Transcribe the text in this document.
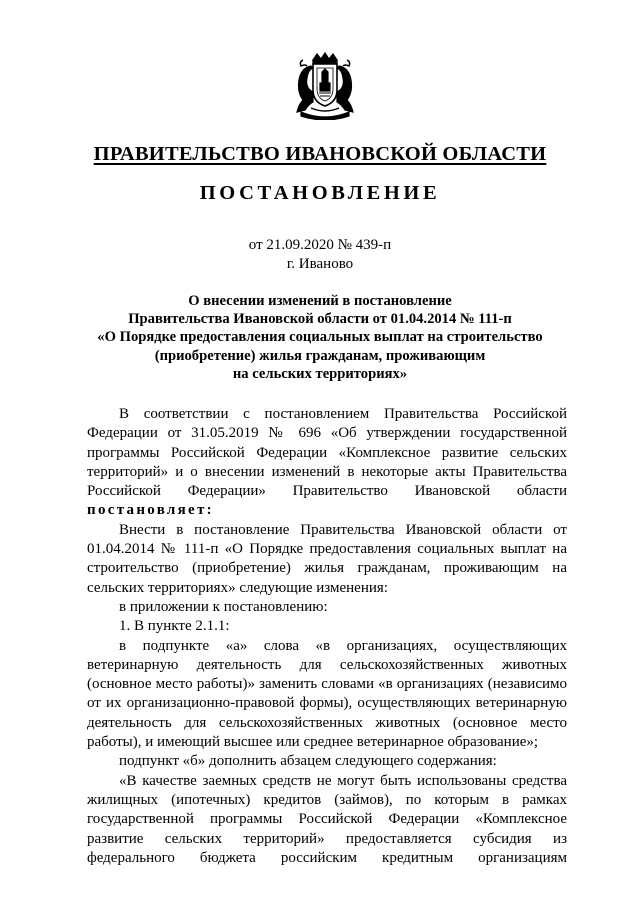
ПРАВИТЕЛЬСТВО ИВАНОВСКОЙ ОБЛАСТИ
ПОСТАНОВЛЕНИЕ
от 21.09.2020 № 439-п
г. Иваново
О внесении изменений в постановление
Правительства Ивановской области от 01.04.2014 № 111-п
«О Порядке предоставления социальных выплат на строительство
(приобретение) жилья гражданам, проживающим
на сельских территориях»
В соответствии с постановлением Правительства Российской Федерации от 31.05.2019 № 696 «Об утверждении государственной программы Российской Федерации «Комплексное развитие сельских территорий» и о внесении изменений в некоторые акты Правительства Российской Федерации» Правительство Ивановской области
постановляет:
Внести в постановление Правительства Ивановской области от 01.04.2014 № 111-п «О Порядке предоставления социальных выплат на строительство (приобретение) жилья гражданам, проживающим на сельских территориях» следующие изменения:
в приложении к постановлению:
1. В пункте 2.1.1:
в подпункте «а» слова «в организациях, осуществляющих ветеринарную деятельность для сельскохозяйственных животных (основное место работы)» заменить словами «в организациях (независимо от их организационно-правовой формы), осуществляющих ветеринарную деятельность для сельскохозяйственных животных (основное место работы), и имеющий высшее или среднее ветеринарное образование»;
подпункт «б» дополнить абзацем следующего содержания:
«В качестве заемных средств не могут быть использованы средства жилищных (ипотечных) кредитов (займов), по которым в рамках государственной программы Российской Федерации «Комплексное развитие сельских территорий» предоставляется субсидия из федерального бюджета российским кредитным организациям
